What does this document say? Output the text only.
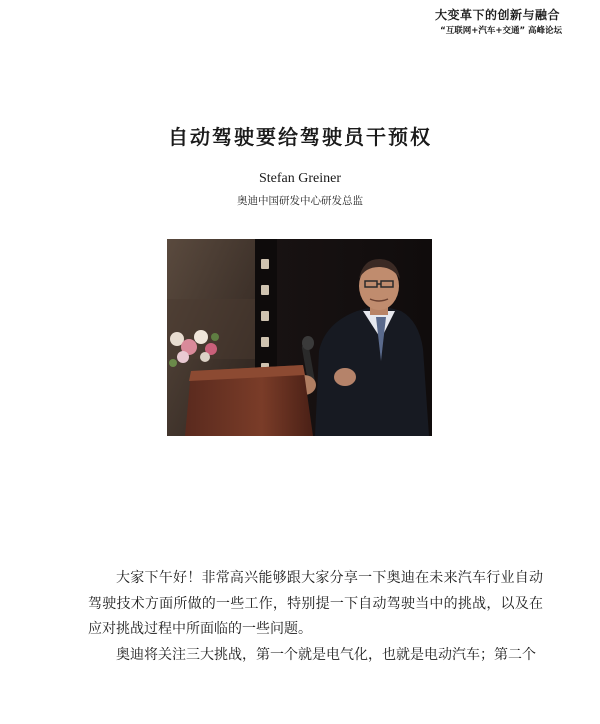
大变革下的创新与融合
“互联网+汽车+交通” 高峰论坛
自动驾驶要给驾驶员干预权
Stefan Greiner
奥迪中国研发中心研发总监

大家下午好！非常高兴能够跟大家分享一下奥迪在未来汽车行业自动驾驶技术方面所做的一些工作，特别提一下自动驾驶当中的挑战，以及在应对挑战过程中所面临的一些问题。

奥迪将关注三大挑战，第一个就是电气化，也就是电动汽车；第二个
